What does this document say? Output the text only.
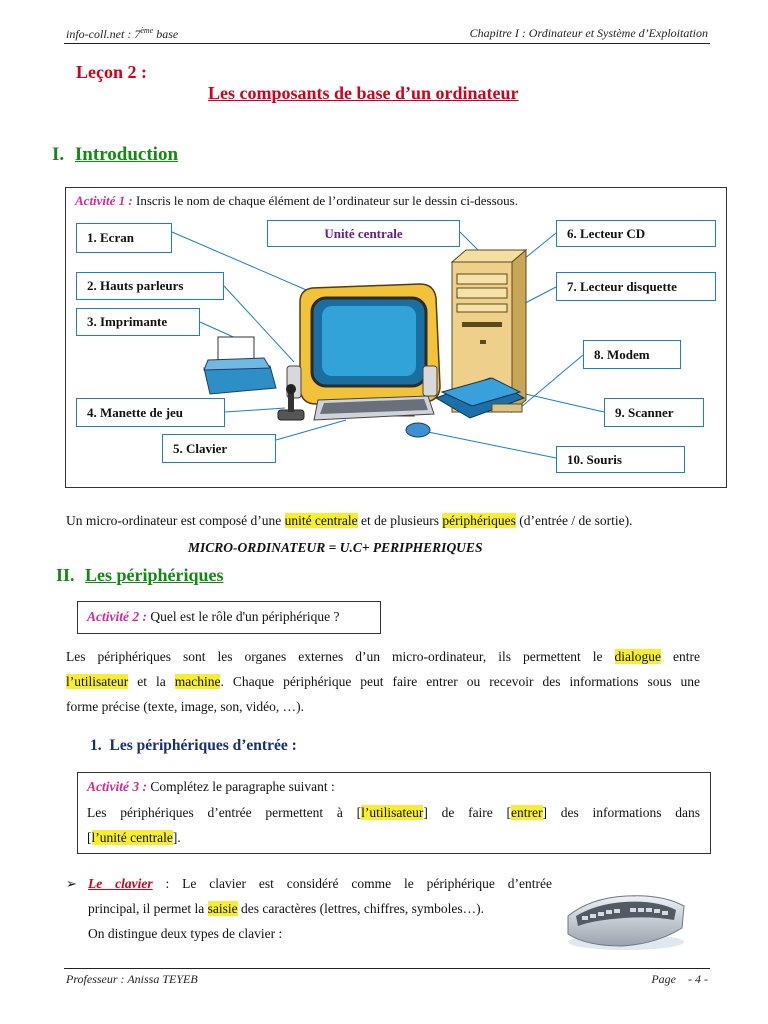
info-coll.net : 7ème base	Chapitre I : Ordinateur et Système d’Exploitation
Leçon 2 :
Les composants de base d’un ordinateur
I. Introduction
Activité 1 : Inscris le nom de chaque élément de l’ordinateur sur le dessin ci-dessous.
1. Ecran	Unité centrale	6. Lecteur CD
2. Hauts parleurs	7. Lecteur disquette
3. Imprimante
8. Modem
4. Manette de jeu	9. Scanner
5. Clavier
10. Souris
Un micro-ordinateur est composé d’une unité centrale et de plusieurs périphériques (d’entrée / de sortie).
MICRO-ORDINATEUR = U.C+ PERIPHERIQUES
II. Les périphériques
Activité 2 : Quel est le rôle d'un périphérique ?
Les périphériques sont les organes externes d’un micro-ordinateur, ils permettent le dialogue entre
l’utilisateur et la machine. Chaque périphérique peut faire entrer ou recevoir des informations sous une
forme précise (texte, image, son, vidéo, …).
1. Les périphériques d’entrée :
Activité 3 : Complétez le paragraphe suivant :
Les périphériques d’entrée permettent à [l’utilisateur] de faire [entrer] des informations dans
[l’unité centrale].
➢ Le clavier : Le clavier est considéré comme le périphérique d’entrée
principal, il permet la saisie des caractères (lettres, chiffres, symboles…).
On distingue deux types de clavier :
Professeur : Anissa TEYEB	Page    - 4 -
